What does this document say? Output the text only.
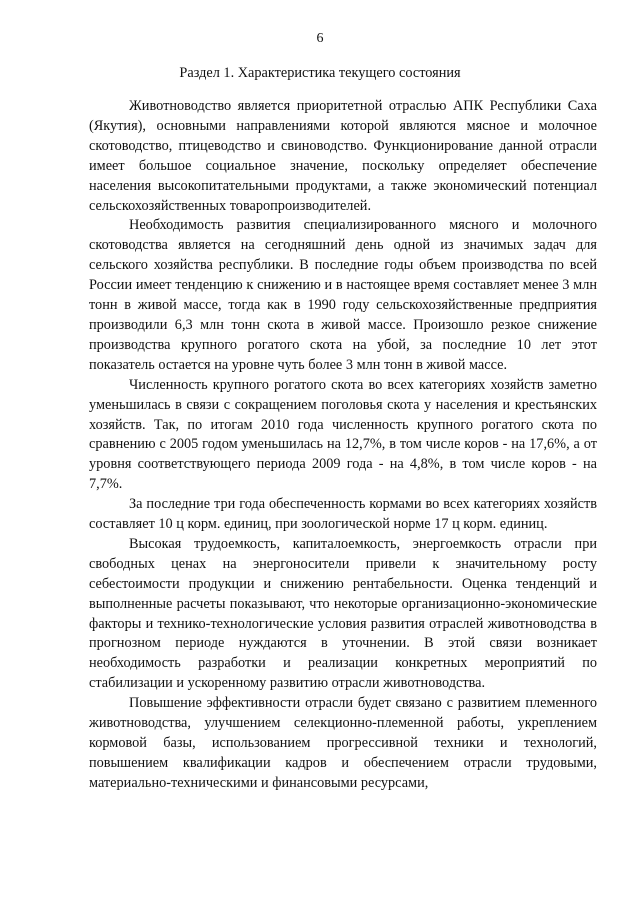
6
Раздел 1. Характеристика текущего состояния

Животноводство является приоритетной отраслью АПК Республики Саха (Якутия), основными направлениями которой являются мясное и молочное скотоводство, птицеводство и свиноводство. Функционирование данной отрасли имеет большое социальное значение, поскольку определяет обеспечение населения высокопитательными продуктами, а также экономический потенциал сельскохозяйственных товаропроизводителей.

Необходимость развития специализированного мясного и молочного скотоводства является на сегодняшний день одной из значимых задач для сельского хозяйства республики. В последние годы объем производства по всей России имеет тенденцию к снижению и в настоящее время составляет менее 3 млн тонн в живой массе, тогда как в 1990 году сельскохозяйственные предприятия производили 6,3 млн тонн скота в живой массе. Произошло резкое снижение производства крупного рогатого скота на убой, за последние 10 лет этот показатель остается на уровне чуть более 3 млн тонн в живой массе.

Численность крупного рогатого скота во всех категориях хозяйств заметно уменьшилась в связи с сокращением поголовья скота у населения и крестьянских хозяйств. Так, по итогам 2010 года численность крупного рогатого скота по сравнению с 2005 годом уменьшилась на 12,7%, в том числе коров - на 17,6%, а от уровня соответствующего периода 2009 года - на 4,8%, в том числе коров - на 7,7%.

За последние три года обеспеченность кормами во всех категориях хозяйств составляет 10 ц корм. единиц, при зоологической норме 17 ц корм. единиц.

Высокая трудоемкость, капиталоемкость, энергоемкость отрасли при свободных ценах на энергоносители привели к значительному росту себестоимости продукции и снижению рентабельности. Оценка тенденций и выполненные расчеты показывают, что некоторые организационно-экономические факторы и технико-технологические условия развития отраслей животноводства в прогнозном периоде нуждаются в уточнении. В этой связи возникает необходимость разработки и реализации конкретных мероприятий по стабилизации и ускоренному развитию отрасли животноводства.

Повышение эффективности отрасли будет связано с развитием племенного животноводства, улучшением селекционно-племенной работы, укреплением кормовой базы, использованием прогрессивной техники и технологий, повышением квалификации кадров и обеспечением отрасли трудовыми, материально-техническими и финансовыми ресурсами,
